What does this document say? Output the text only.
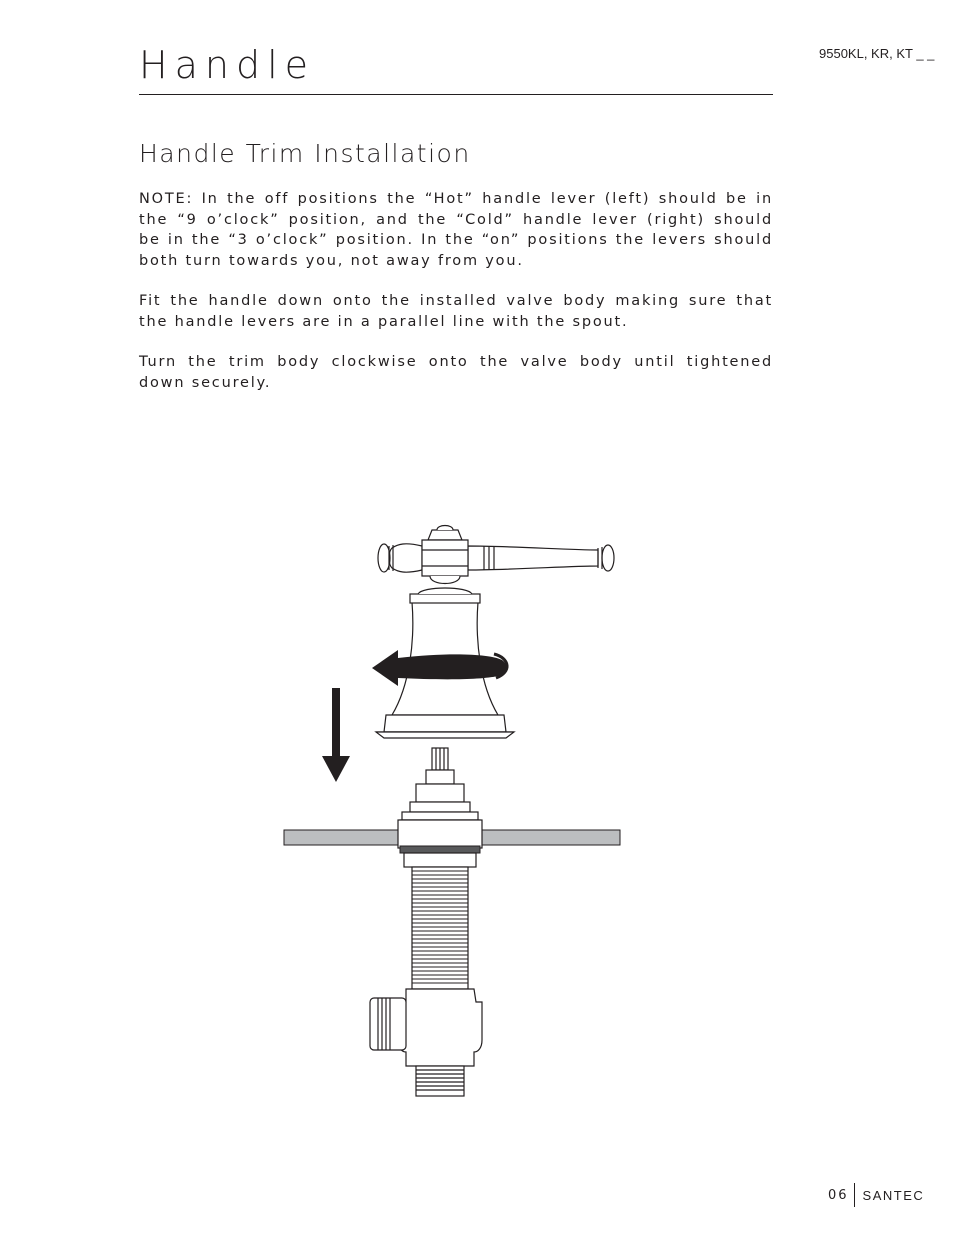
Handle	9550KL, KR, KT _ _
Handle Trim Installation

NOTE: In the off positions the “Hot” handle lever (left) should be in the “9 o’clock” position, and the “Cold” handle lever (right) should be in the “3 o’clock” position. In the “on” positions the levers should both turn towards you, not away from you.

Fit the handle down onto the installed valve body making sure that the handle levers are in a parallel line with the spout.

Turn the trim body clockwise onto the valve body until tightened down securely.

06 SANTEC
